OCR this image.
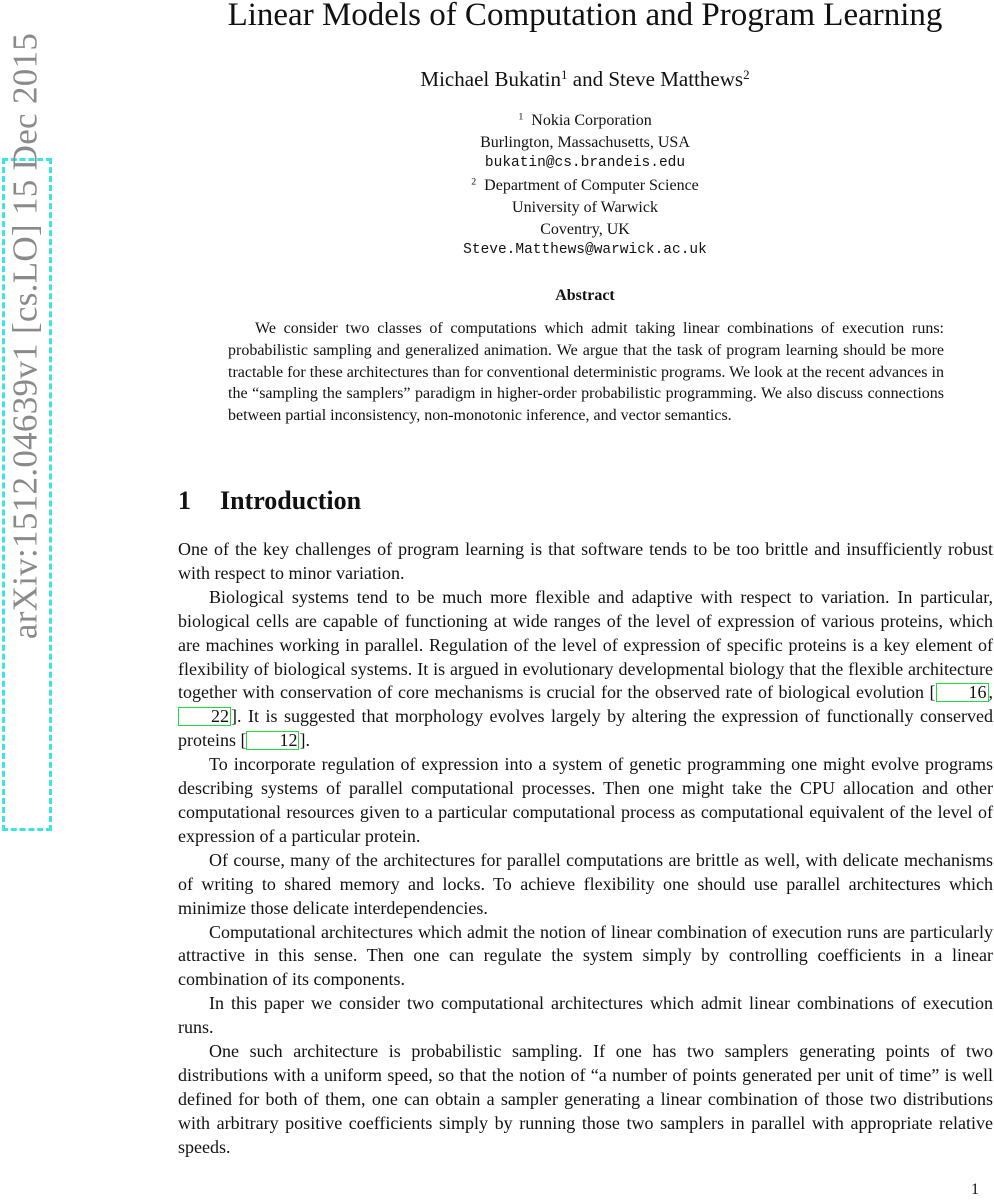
arXiv:1512.04639v1 [cs.LO] 15 Dec 2015
Linear Models of Computation and Program Learning
Michael Bukatin$^1$ and Steve Matthews$^2$
$^1$ Nokia Corporation
Burlington, Massachusetts, USA
bukatin@cs.brandeis.edu
$^2$ Department of Computer Science
University of Warwick
Coventry, UK
Steve.Matthews@warwick.ac.uk
Abstract
We consider two classes of computations which admit taking linear combinations of execution runs: probabilistic sampling and generalized animation. We argue that the task of program learning should be more tractable for these architectures than for conventional deterministic programs. We look at the recent advances in the “sampling the samplers” paradigm in higher-order probabilistic programming. We also discuss connections between partial inconsistency, non-monotonic inference, and vector semantics.
1 Introduction

One of the key challenges of program learning is that software tends to be too brittle and insufficiently robust with respect to minor variation.

Biological systems tend to be much more flexible and adaptive with respect to variation. In particular, biological cells are capable of functioning at wide ranges of the level of expression of various proteins, which are machines working in parallel. Regulation of the level of expression of specific proteins is a key element of flexibility of biological systems. It is argued in evolutionary developmental biology that the flexible architecture together with conservation of core mechanisms is crucial for the observed rate of biological evolution [ 16 , 22 ]. It is suggested that morphology evolves largely by altering the expression of functionally conserved proteins [ 12 ].

To incorporate regulation of expression into a system of genetic programming one might evolve programs describing systems of parallel computational processes. Then one might take the CPU allocation and other computational resources given to a particular computational process as computational equivalent of the level of expression of a particular protein.

Of course, many of the architectures for parallel computations are brittle as well, with delicate mechanisms of writing to shared memory and locks. To achieve flexibility one should use parallel architectures which minimize those delicate interdependencies.

Computational architectures which admit the notion of linear combination of execution runs are particularly attractive in this sense. Then one can regulate the system simply by controlling coefficients in a linear combination of its components.

In this paper we consider two computational architectures which admit linear combinations of execution runs.

One such architecture is probabilistic sampling. If one has two samplers generating points of two distributions with a uniform speed, so that the notion of “a number of points generated per unit of time” is well defined for both of them, one can obtain a sampler generating a linear combination of those two distributions with arbitrary positive coefficients simply by running those two samplers in parallel with appropriate relative speeds.

1
